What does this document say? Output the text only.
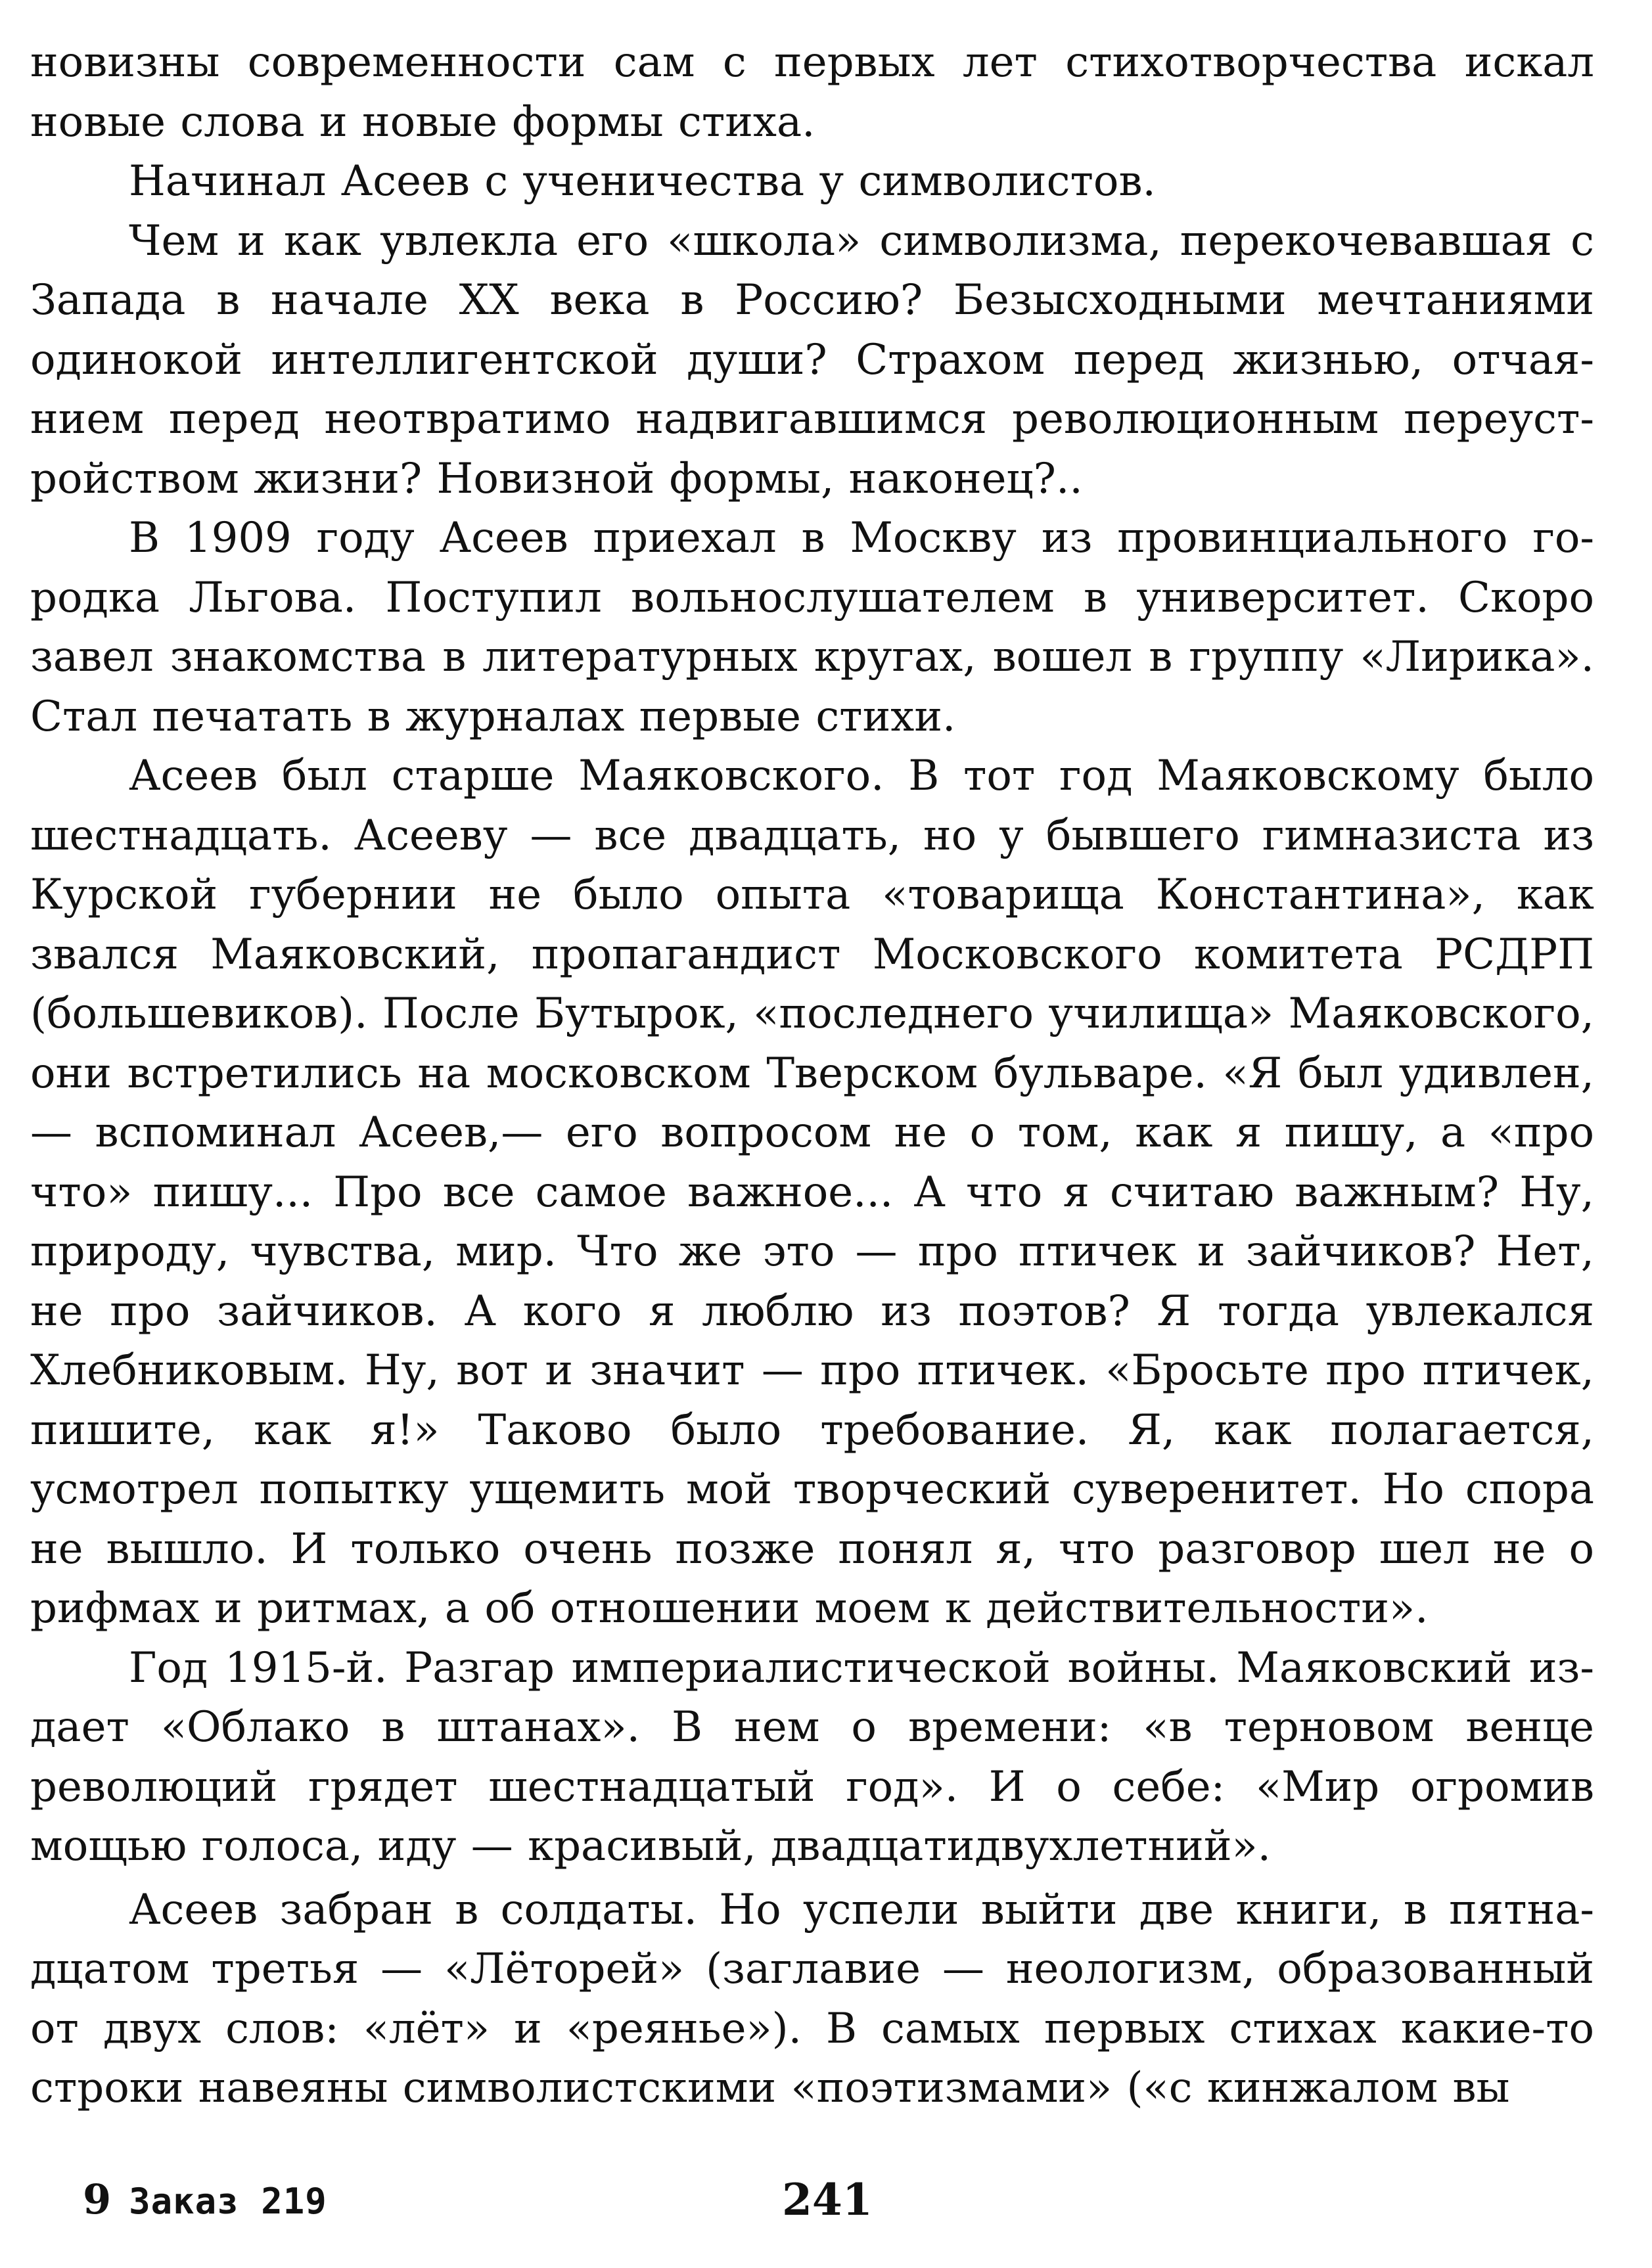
новизны современности сам с первых лет стихотворчества искал новые слова и новые формы стиха.

Начинал Асеев с ученичества у символистов.

Чем и как увлекла его «школа» символизма, перекочевавшая с Запада в начале XX века в Россию? Безысходными мечтаниями одинокой интеллигентской души? Страхом перед жизнью, отчаянием перед неотвратимо надвигавшимся революционным переустройством жизни? Новизной формы, наконец?..

В 1909 году Асеев приехал в Москву из провинциального городка Льгова. Поступил вольнослушателем в университет. Скоро завел знакомства в литературных кругах, вошел в группу «Лирика». Стал печатать в журналах первые стихи.

Асеев был старше Маяковского. В тот год Маяковскому было шестнадцать. Асееву — все двадцать, но у бывшего гимназиста из Курской губернии не было опыта «товарища Константина», как звался Маяковский, пропагандист Московского комитета РСДРП (большевиков). После Бутырок, «последнего училища» Маяковского, они встретились на московском Тверском бульваре. «Я был удивлен,— вспоминал Асеев,— его вопросом не о том, как я пишу, а «про что» пишу... Про все самое важное... А что я считаю важным? Ну, природу, чувства, мир. Что же это — про птичек и зайчиков? Нет, не про зайчиков. А кого я люблю из поэтов? Я тогда увлекался Хлебниковым. Ну, вот и значит — про птичек. «Бросьте про птичек, пишите, как я!» Таково было требование. Я, как полагается, усмотрел попытку ущемить мой творческий суверенитет. Но спора не вышло. И только очень позже понял я, что разговор шел не о рифмах и ритмах, а об отношении моем к действительности».

Год 1915-й. Разгар империалистической войны. Маяковский издает «Облако в штанах». В нем о времени: «в терновом венце революций грядет шестнадцатый год». И о себе: «Мир огромив мощью голоса, иду — красивый, двадцатидвухлетний».

Асеев забран в солдаты. Но успели выйти две книги, в пятнадцатом третья — «Лёторей» (заглавие — неологизм, образованный от двух слов: «лёт» и «реянье»). В самых первых стихах какие-то строки навеяны символистскими «поэтизмами» («с кинжалом вы

9 Заказ 219	241
